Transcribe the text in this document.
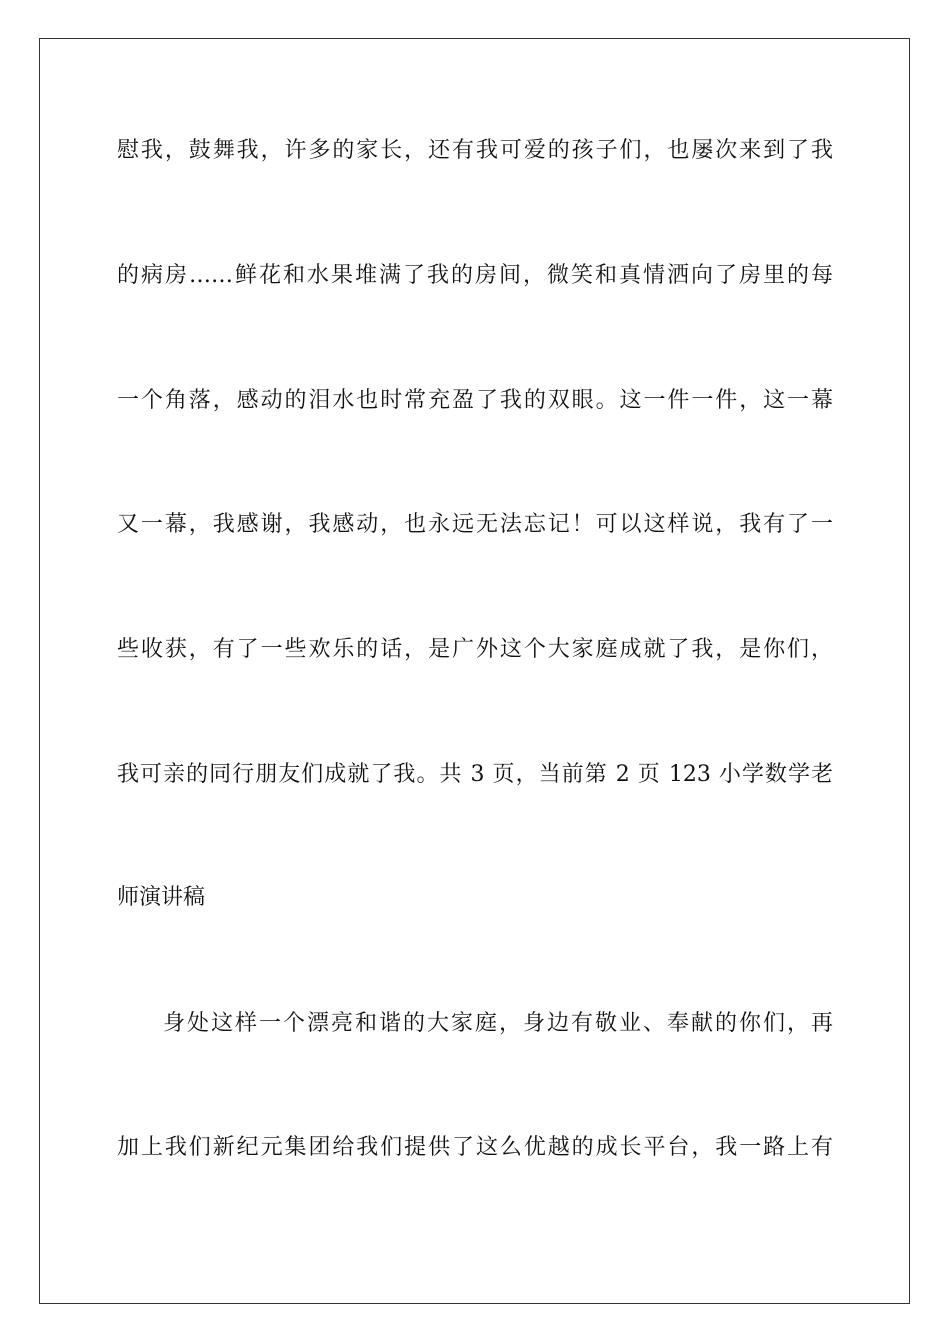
慰我，鼓舞我，许多的家长，还有我可爱的孩子们，也屡次来到了我
的病房……鲜花和水果堆满了我的房间，微笑和真情洒向了房里的每
一个角落，感动的泪水也时常充盈了我的双眼。这一件一件，这一幕
又一幕，我感谢，我感动，也永远无法忘记！可以这样说，我有了一
些收获，有了一些欢乐的话，是广外这个大家庭成就了我，是你们，
我可亲的同行朋友们成就了我。共 3 页，当前第 2 页 123 小学数学老
师演讲稿
身处这样一个漂亮和谐的大家庭，身边有敬业、奉献的你们，再
加上我们新纪元集团给我们提供了这么优越的成长平台，我一路上有
